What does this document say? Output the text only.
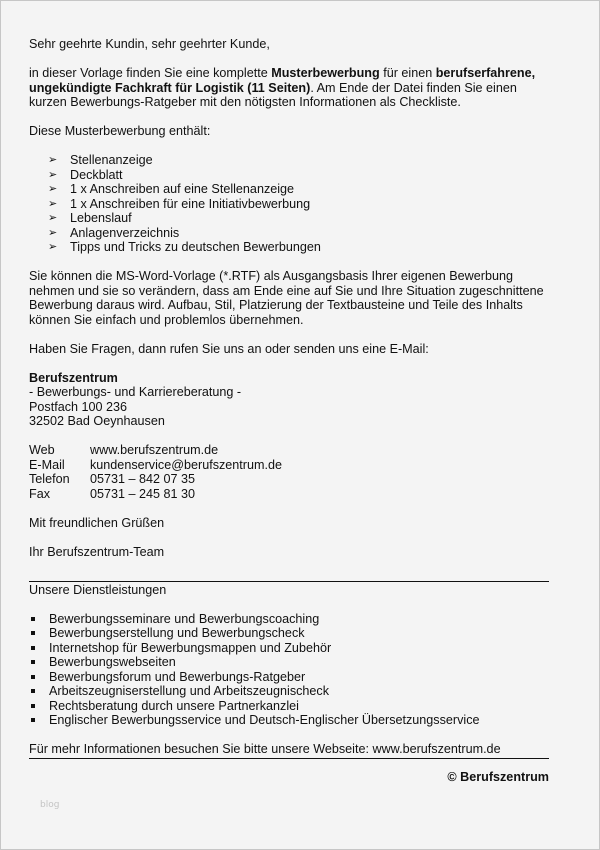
Sehr geehrte Kundin, sehr geehrter Kunde,

in dieser Vorlage finden Sie eine komplette Musterbewerbung für einen berufserfahrene, ungekündigte Fachkraft für Logistik (11 Seiten). Am Ende der Datei finden Sie einen kurzen Bewerbungs-Ratgeber mit den nötigsten Informationen als Checkliste.

Diese Musterbewerbung enthält:

➢ Stellenanzeige
➢ Deckblatt
➢ 1 x Anschreiben auf eine Stellenanzeige
➢ 1 x Anschreiben für eine Initiativbewerbung
➢ Lebenslauf
➢ Anlagenverzeichnis
➢ Tipps und Tricks zu deutschen Bewerbungen

Sie können die MS-Word-Vorlage (*.RTF) als Ausgangsbasis Ihrer eigenen Bewerbung nehmen und sie so verändern, dass am Ende eine auf Sie und Ihre Situation zugeschnittene Bewerbung daraus wird. Aufbau, Stil, Platzierung der Textbausteine und Teile des Inhalts können Sie einfach und problemlos übernehmen.

Haben Sie Fragen, dann rufen Sie uns an oder senden uns eine E-Mail:

Berufszentrum

- Bewerbungs- und Karriereberatung -

Postfach 100 236

32502 Bad Oeynhausen

Web	www.berufszentrum.de
E-Mail	kundenservice@berufszentrum.de
Telefon	05731 – 842 07 35
Fax	05731 – 245 81 30

Mit freundlichen Grüßen

Ihr Berufszentrum-Team

Unsere Dienstleistungen

Bewerbungsseminare und Bewerbungscoaching
Bewerbungserstellung und Bewerbungscheck
Internetshop für Bewerbungsmappen und Zubehör
Bewerbungswebseiten
Bewerbungsforum und Bewerbungs-Ratgeber
Arbeitszeugniserstellung und Arbeitszeugnischeck
Rechtsberatung durch unsere Partnerkanzlei
Englischer Bewerbungsservice und Deutsch-Englischer Übersetzungsservice

Für mehr Informationen besuchen Sie bitte unsere Webseite: www.berufszentrum.de

© Berufszentrum

blog
